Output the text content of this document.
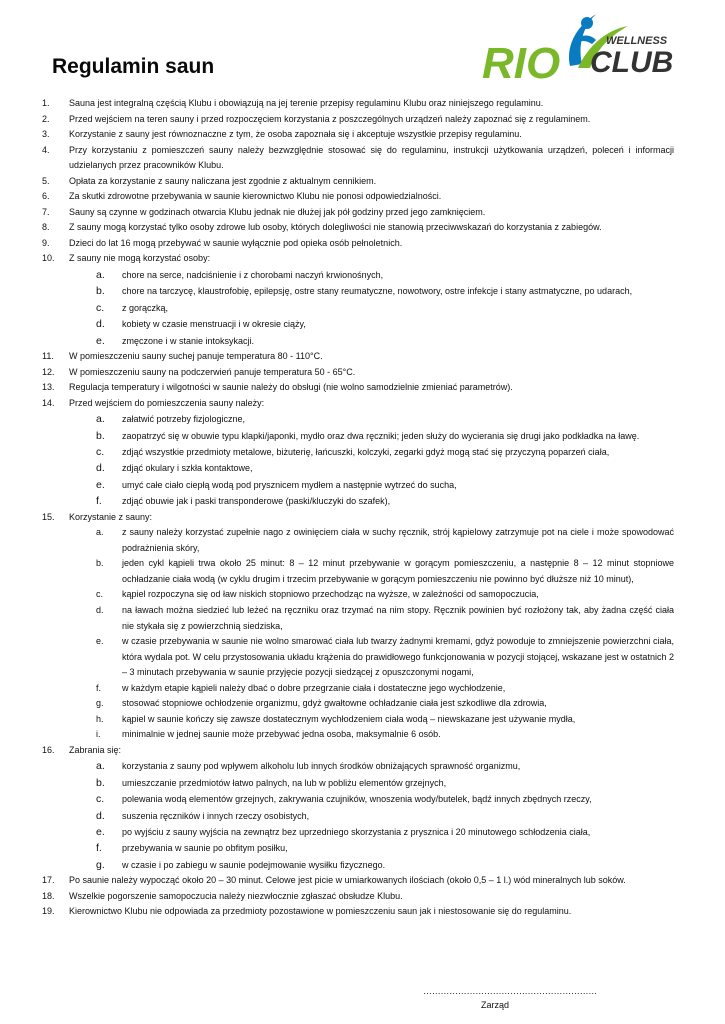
Regulamin saun	RIO	WELLNESS
CLUB
1.	Sauna jest integralną częścią Klubu i obowiązują na jej terenie przepisy regulaminu Klubu oraz niniejszego regulaminu.
2.	Przed wejściem na teren sauny i przed rozpoczęciem korzystania z poszczególnych urządzeń należy zapoznać się z regulaminem.
3.	Korzystanie z sauny jest równoznaczne z tym, że osoba zapoznała się i akceptuje wszystkie przepisy regulaminu.
4.	Przy korzystaniu z pomieszczeń sauny należy bezwzględnie stosować się do regulaminu, instrukcji użytkowania urządzeń, poleceń i informacji udzielanych przez pracowników Klubu.
5.	Opłata za korzystanie z sauny naliczana jest zgodnie z aktualnym cennikiem.
6.	Za skutki zdrowotne przebywania w saunie kierownictwo Klubu nie ponosi odpowiedzialności.
7.	Sauny są czynne w godzinach otwarcia Klubu jednak nie dłużej jak pół godziny przed jego zamknięciem.
8.	Z sauny mogą korzystać tylko osoby zdrowe lub osoby, których dolegliwości nie stanowią przeciwwskazań do korzystania z zabiegów.
9.	Dzieci do lat 16 mogą przebywać w saunie wyłącznie pod opieka osób pełnoletnich.
10.	Z sauny nie mogą korzystać osoby:
a. chore na serce, nadciśnienie i z chorobami naczyń krwionośnych,
b. chore na tarczycę, klaustrofobię, epilepsję, ostre stany reumatyczne, nowotwory, ostre infekcje i stany astmatyczne, po udarach,
c. z gorączką,
d. kobiety w czasie menstruacji i w okresie ciąży,
e. zmęczone i w stanie intoksykacji.
11.	W pomieszczeniu sauny suchej panuje temperatura 80 - 110°C.
12.	W pomieszczeniu sauny na podczerwień panuje temperatura 50 - 65°C.
13.	Regulacja temperatury i wilgotności w saunie należy do obsługi (nie wolno samodzielnie zmieniać parametrów).
14.	Przed wejściem do pomieszczenia sauny należy:
a. załatwić potrzeby fizjologiczne,
b. zaopatrzyć się w obuwie typu klapki/japonki, mydło oraz dwa ręczniki; jeden służy do wycierania się drugi jako podkładka na ławę.
c. zdjąć wszystkie przedmioty metalowe, biżuterię, łańcuszki, kolczyki, zegarki gdyż mogą stać się przyczyną poparzeń ciała,
d. zdjąć okulary i szkła kontaktowe,
e. umyć całe ciało ciepłą wodą pod prysznicem mydłem a następnie wytrzeć do sucha,
f. zdjąć obuwie jak i paski transponderowe (paski/kluczyki do szafek),
15.	Korzystanie z sauny:
a. z sauny należy korzystać zupełnie nago z owinięciem ciała w suchy ręcznik, strój kąpielowy zatrzymuje pot na ciele i może spowodować podrażnienia skóry,
b. jeden cykl kąpieli trwa około 25 minut: 8 – 12 minut przebywanie w gorącym pomieszczeniu, a następnie 8 – 12 minut stopniowe ochładzanie ciała wodą (w cyklu drugim i trzecim przebywanie w gorącym pomieszczeniu nie powinno być dłuższe niż 10 minut),
c. kąpiel rozpoczyna się od ław niskich stopniowo przechodząc na wyższe, w zależności od samopoczucia,
d. na ławach można siedzieć lub leżeć na ręczniku oraz trzymać na nim stopy. Ręcznik powinien być rozłożony tak, aby żadna część ciała nie stykała się z powierzchnią siedziska,
e. w czasie przebywania w saunie nie wolno smarować ciała lub twarzy żadnymi kremami, gdyż powoduje to zmniejszenie powierzchni ciała, która wydala pot. W celu przystosowania układu krążenia do prawidłowego funkcjonowania w pozycji stojącej, wskazane jest w ostatnich 2 – 3 minutach przebywania w saunie przyjęcie pozycji siedzącej z opuszczonymi nogami,
f. w każdym etapie kąpieli należy dbać o dobre przegrzanie ciała i dostateczne jego wychłodzenie,
g. stosować stopniowe ochłodzenie organizmu, gdyż gwałtowne ochładzanie ciała jest szkodliwe dla zdrowia,
h. kąpiel w saunie kończy się zawsze dostatecznym wychłodzeniem ciała wodą – niewskazane jest używanie mydła,
i. minimalnie w jednej saunie może przebywać jedna osoba, maksymalnie 6 osób.
16.	Zabrania się:
a. korzystania z sauny pod wpływem alkoholu lub innych środków obniżających sprawność organizmu,
b. umieszczanie przedmiotów łatwo palnych, na lub w pobliżu elementów grzejnych,
c. polewania wodą elementów grzejnych, zakrywania czujników, wnoszenia wody/butelek, bądź innych zbędnych rzeczy,
d. suszenia ręczników i innych rzeczy osobistych,
e. po wyjściu z sauny wyjścia na zewnątrz bez uprzedniego skorzystania z prysznica i 20 minutowego schłodzenia ciała,
f. przebywania w saunie po obfitym posiłku,
g. w czasie i po zabiegu w saunie podejmowanie wysiłku fizycznego.
17.	Po saunie należy wypocząć około 20 – 30 minut. Celowe jest picie w umiarkowanych ilościach (około 0,5 – 1 l.) wód mineralnych lub soków.
18.	Wszelkie pogorszenie samopoczucia należy niezwłocznie zgłaszać obsłudze Klubu.
19.	Kierownictwo Klubu nie odpowiada za przedmioty pozostawione w pomieszczeniu saun jak i niestosowanie się do regulaminu.
……………………………………………………
Zarząd
